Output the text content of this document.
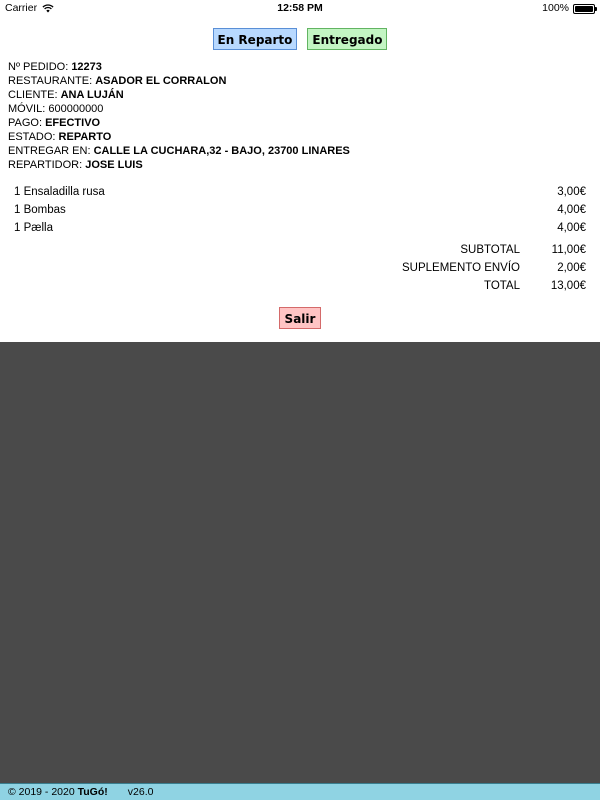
Carrier	12:58 PM	100%
En Reparto Entregado
Nº PEDIDO: 12273
RESTAURANTE: ASADOR EL CORRALON
CLIENTE: ANA LUJÁN
MÓVIL: 600000000
PAGO: EFECTIVO
ESTADO: REPARTO
ENTREGAR EN: CALLE LA CUCHARA,32 - BAJO, 23700 LINARES
REPARTIDOR: JOSE LUIS
1 Ensaladilla rusa	3,00€
1 Bombas	4,00€
1 Pælla	4,00€
SUBTOTAL	11,00€
SUPLEMENTO ENVÍO	2,00€
TOTAL	13,00€
Salir
© 2019 - 2020 TuGó! v26.0
